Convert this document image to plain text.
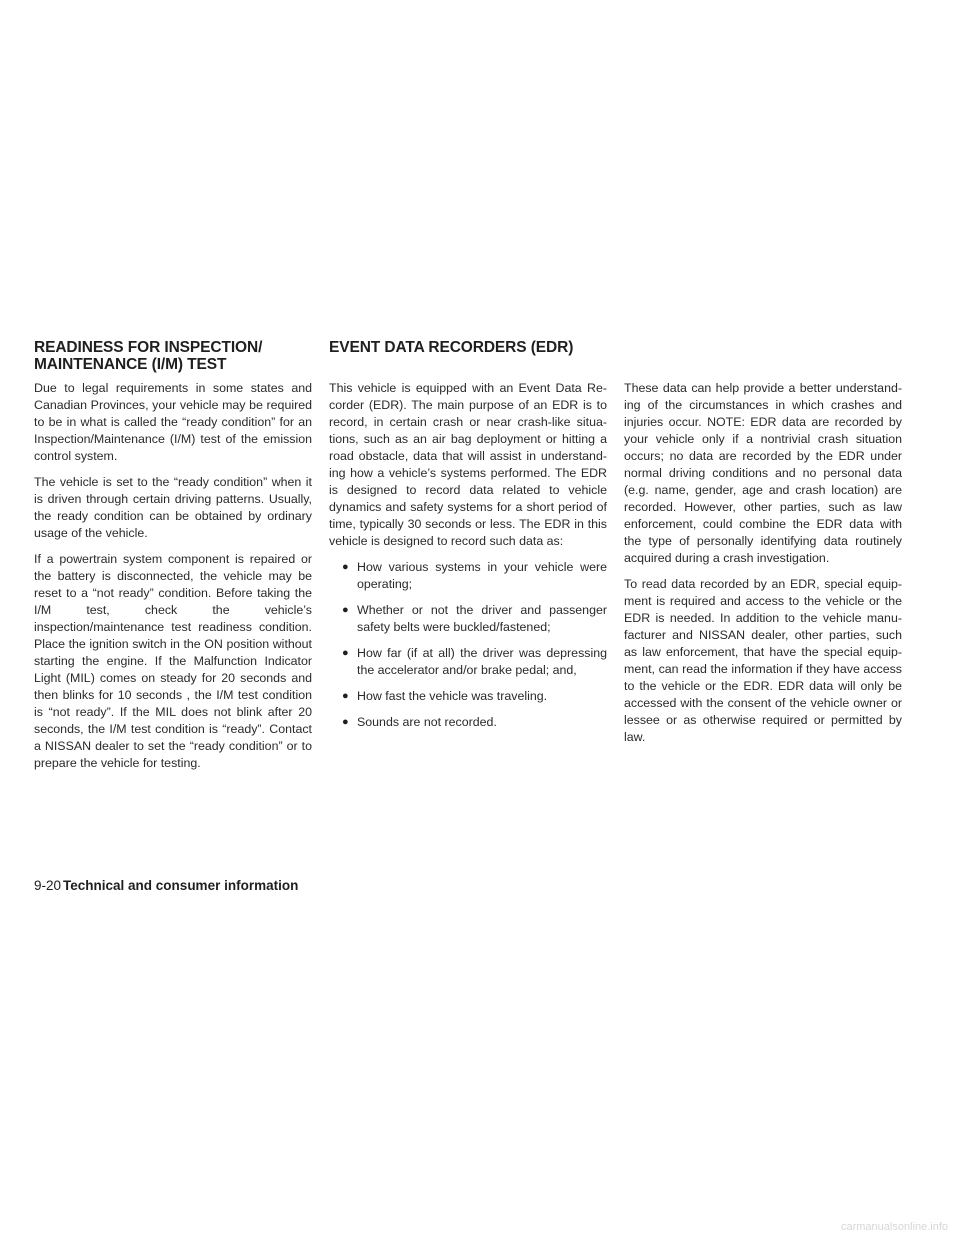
READINESS FOR INSPECTION/
MAINTENANCE (I/M) TEST
EVENT DATA RECORDERS (EDR)

Due to legal requirements in some states and Canadian Provinces, your vehicle may be required to be in what is called the “ready condition” for an Inspection/Maintenance (I/M) test of the emission control system.

The vehicle is set to the “ready condition” when it is driven through certain driving patterns. Usually, the ready condition can be obtained by ordinary usage of the vehicle.

If a powertrain system component is repaired or the battery is disconnected, the vehicle may be reset to a “not ready” condition. Before taking the I/M test, check the vehicle’s inspection/maintenance test readiness condition. Place the ignition switch in the ON position without starting the engine. If the Malfunction Indicator Light (MIL) comes on steady for 20 seconds and then blinks for 10 seconds , the I/M test condition is “not ready”. If the MIL does not blink after 20 seconds, the I/M test condition is “ready”. Contact a NISSAN dealer to set the “ready condition” or to prepare the vehicle for testing.

This vehicle is equipped with an Event Data Recorder (EDR). The main purpose of an EDR is to record, in certain crash or near crash-like situations, such as an air bag deployment or hitting a road obstacle, data that will assist in understanding how a vehicle’s systems performed. The EDR is designed to record data related to vehicle dynamics and safety systems for a short period of time, typically 30 seconds or less. The EDR in this vehicle is designed to record such data as:

● How various systems in your vehicle were operating;
● Whether or not the driver and passenger safety belts were buckled/fastened;
● How far (if at all) the driver was depressing the accelerator and/or brake pedal; and,
● How fast the vehicle was traveling.
● Sounds are not recorded.

These data can help provide a better understanding of the circumstances in which crashes and injuries occur. NOTE: EDR data are recorded by your vehicle only if a nontrivial crash situation occurs; no data are recorded by the EDR under normal driving conditions and no personal data (e.g. name, gender, age and crash location) are recorded. However, other parties, such as law enforcement, could combine the EDR data with the type of personally identifying data routinely acquired during a crash investigation.

To read data recorded by an EDR, special equipment is required and access to the vehicle or the EDR is needed. In addition to the vehicle manufacturer and NISSAN dealer, other parties, such as law enforcement, that have the special equipment, can read the information if they have access to the vehicle or the EDR. EDR data will only be accessed with the consent of the vehicle owner or lessee or as otherwise required or permitted by law.

9-20 Technical and consumer information
carmanualsonline.info
